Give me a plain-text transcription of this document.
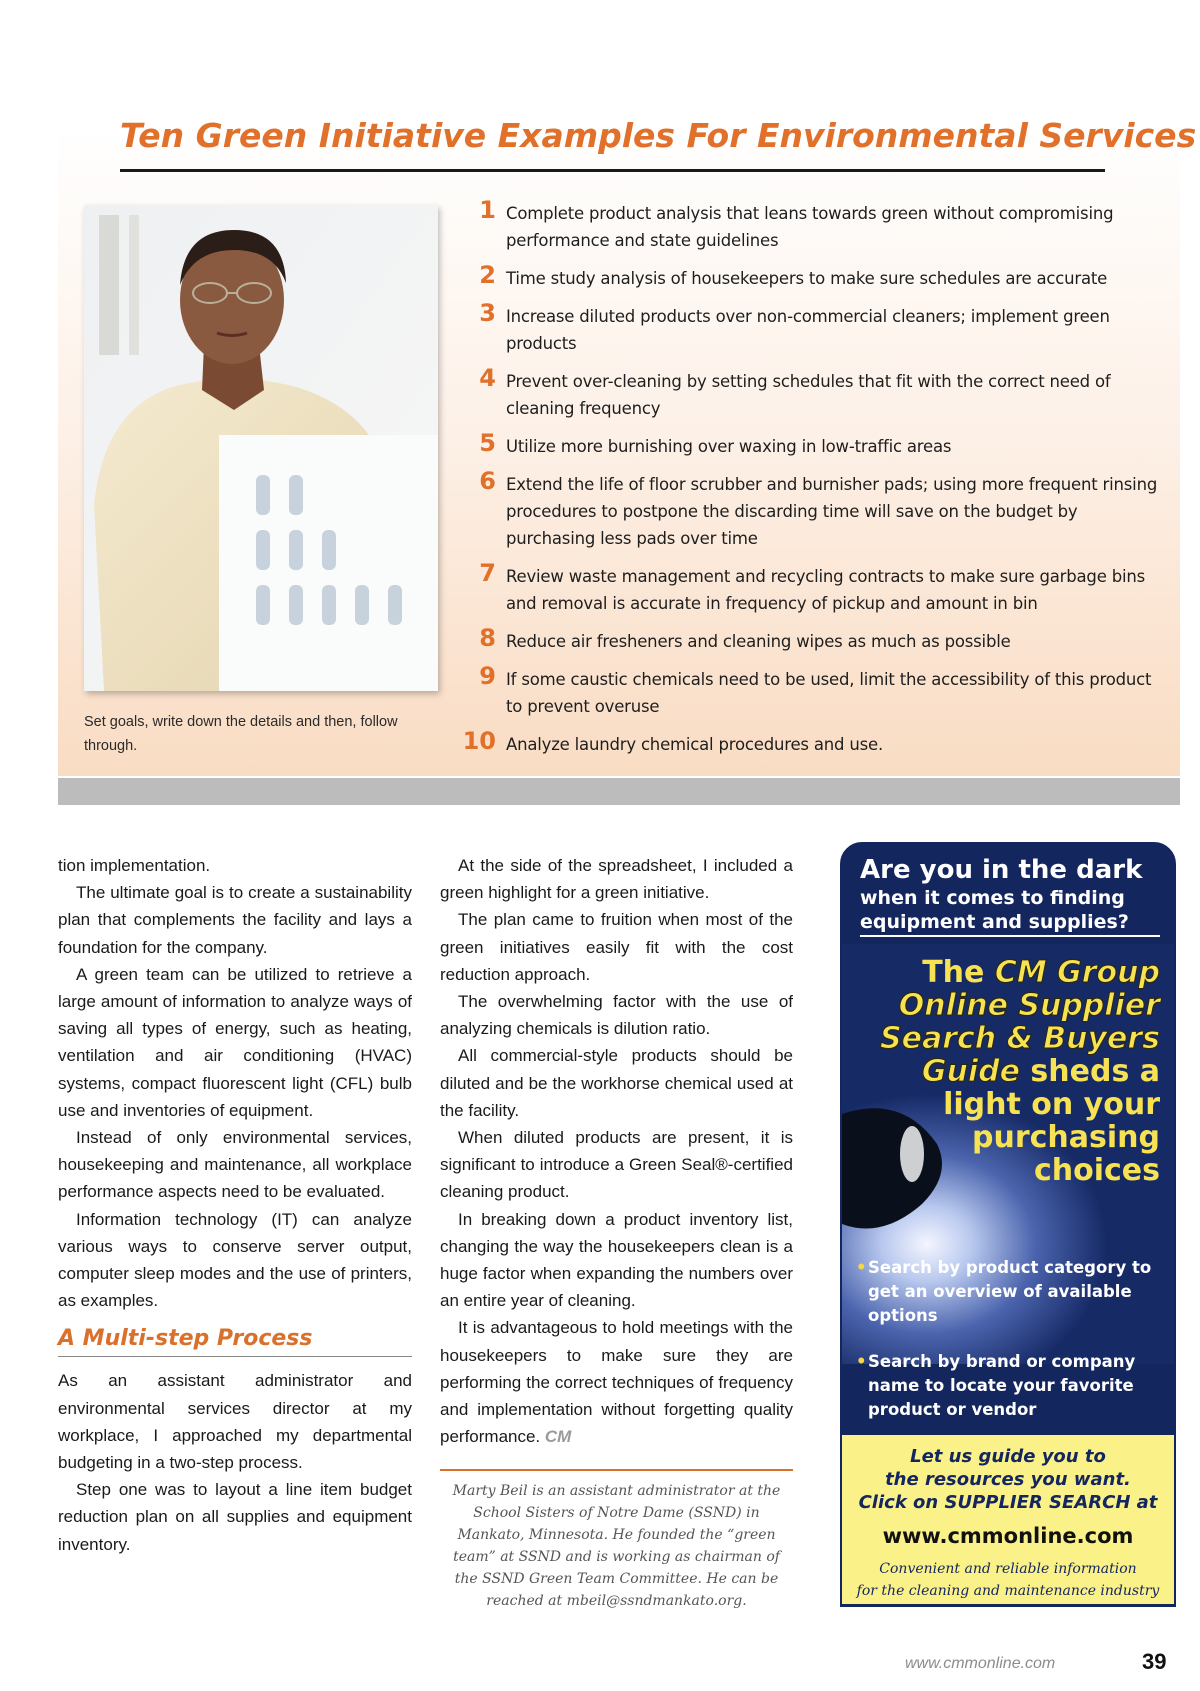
Ten Green Initiative Examples For Environmental Services
Set goals, write down the details and then, follow through.
1 Complete product analysis that leans towards green without compromising performance and state guidelines
2 Time study analysis of housekeepers to make sure schedules are accurate
3 Increase diluted products over non-commercial cleaners; implement green products
4 Prevent over-cleaning by setting schedules that fit with the correct need of cleaning frequency
5 Utilize more burnishing over waxing in low-traffic areas
6 Extend the life of floor scrubber and burnisher pads; using more frequent rinsing procedures to postpone the discarding time will save on the budget by purchasing less pads over time
7 Review waste management and recycling contracts to make sure garbage bins and removal is accurate in frequency of pickup and amount in bin
8 Reduce air fresheners and cleaning wipes as much as possible
9 If some caustic chemicals need to be used, limit the accessibility of this product to prevent overuse
10 Analyze laundry chemical procedures and use.

tion implementation.

The ultimate goal is to create a sustainability plan that complements the facility and lays a foundation for the company.

A green team can be utilized to retrieve a large amount of information to analyze ways of saving all types of energy, such as heating, ventilation and air conditioning (HVAC) systems, compact fluorescent light (CFL) bulb use and inventories of equipment.

Instead of only environmental services, housekeeping and maintenance, all workplace performance aspects need to be evaluated.

Information technology (IT) can analyze various ways to conserve server output, computer sleep modes and the use of printers, as examples.

A Multi-step Process

As an assistant administrator and environmental services director at my workplace, I approached my departmental budgeting in a two-step process.

Step one was to layout a line item budget reduction plan on all supplies and equipment inventory.

At the side of the spreadsheet, I included a green highlight for a green initiative.

The plan came to fruition when most of the green initiatives easily fit with the cost reduction approach.

The overwhelming factor with the use of analyzing chemicals is dilution ratio.

All commercial-style products should be diluted and be the workhorse chemical used at the facility.

When diluted products are present, it is significant to introduce a Green Seal®-certified cleaning product.

In breaking down a product inventory list, changing the way the housekeepers clean is a huge factor when expanding the numbers over an entire year of cleaning.

It is advantageous to hold meetings with the housekeepers to make sure they are performing the correct techniques of frequency and implementation without forgetting quality performance. CM

Marty Beil is an assistant administrator at the School Sisters of Notre Dame (SSND) in Mankato, Minnesota. He founded the “green team” at SSND and is working as chairman of the SSND Green Team Committee. He can be reached at mbeil@ssndmankato.org.
Are you in the dark
when it comes to finding
equipment and supplies?
The CM Group
Online Supplier
Search & Buyers
Guide sheds a
light on your
purchasing
choices
• Search by product category to get an overview of available options
• Search by brand or company name to locate your favorite product or vendor
Let us guide you to
the resources you want.
Click on SUPPLIER SEARCH at
www.cmmonline.com
Convenient and reliable information
for the cleaning and maintenance industry
www.cmmonline.com	39
